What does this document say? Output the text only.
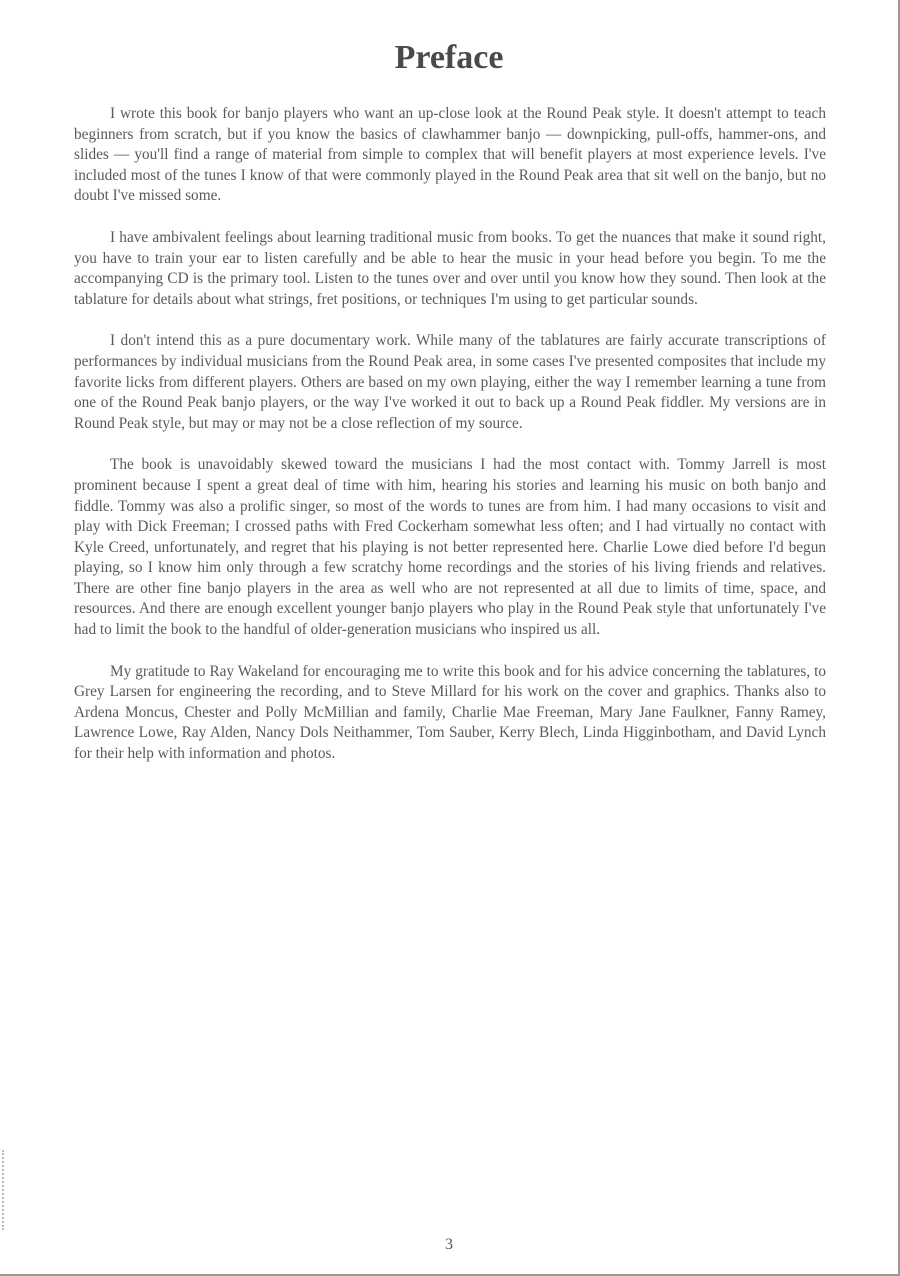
Preface

I wrote this book for banjo players who want an up-close look at the Round Peak style. It doesn't attempt to teach beginners from scratch, but if you know the basics of clawhammer banjo — downpicking, pull-offs, hammer-ons, and slides — you'll find a range of material from simple to complex that will benefit players at most experience levels. I've included most of the tunes I know of that were commonly played in the Round Peak area that sit well on the banjo, but no doubt I've missed some.

I have ambivalent feelings about learning traditional music from books. To get the nuances that make it sound right, you have to train your ear to listen carefully and be able to hear the music in your head before you begin. To me the accompanying CD is the primary tool. Listen to the tunes over and over until you know how they sound. Then look at the tablature for details about what strings, fret positions, or techniques I'm using to get particular sounds.

I don't intend this as a pure documentary work. While many of the tablatures are fairly accurate transcriptions of performances by individual musicians from the Round Peak area, in some cases I've presented composites that include my favorite licks from different players. Others are based on my own playing, either the way I remember learning a tune from one of the Round Peak banjo players, or the way I've worked it out to back up a Round Peak fiddler. My versions are in Round Peak style, but may or may not be a close reflection of my source.

The book is unavoidably skewed toward the musicians I had the most contact with. Tommy Jarrell is most prominent because I spent a great deal of time with him, hearing his stories and learning his music on both banjo and fiddle. Tommy was also a prolific singer, so most of the words to tunes are from him. I had many occasions to visit and play with Dick Freeman; I crossed paths with Fred Cockerham somewhat less often; and I had virtually no contact with Kyle Creed, unfortunately, and regret that his playing is not better represented here. Charlie Lowe died before I'd begun playing, so I know him only through a few scratchy home recordings and the stories of his living friends and relatives. There are other fine banjo players in the area as well who are not represented at all due to limits of time, space, and resources. And there are enough excellent younger banjo players who play in the Round Peak style that unfortunately I've had to limit the book to the handful of older-generation musicians who inspired us all.

My gratitude to Ray Wakeland for encouraging me to write this book and for his advice concerning the tablatures, to Grey Larsen for engineering the recording, and to Steve Millard for his work on the cover and graphics. Thanks also to Ardena Moncus, Chester and Polly McMillian and family, Charlie Mae Freeman, Mary Jane Faulkner, Fanny Ramey, Lawrence Lowe, Ray Alden, Nancy Dols Neithammer, Tom Sauber, Kerry Blech, Linda Higginbotham, and David Lynch for their help with information and photos.

3
